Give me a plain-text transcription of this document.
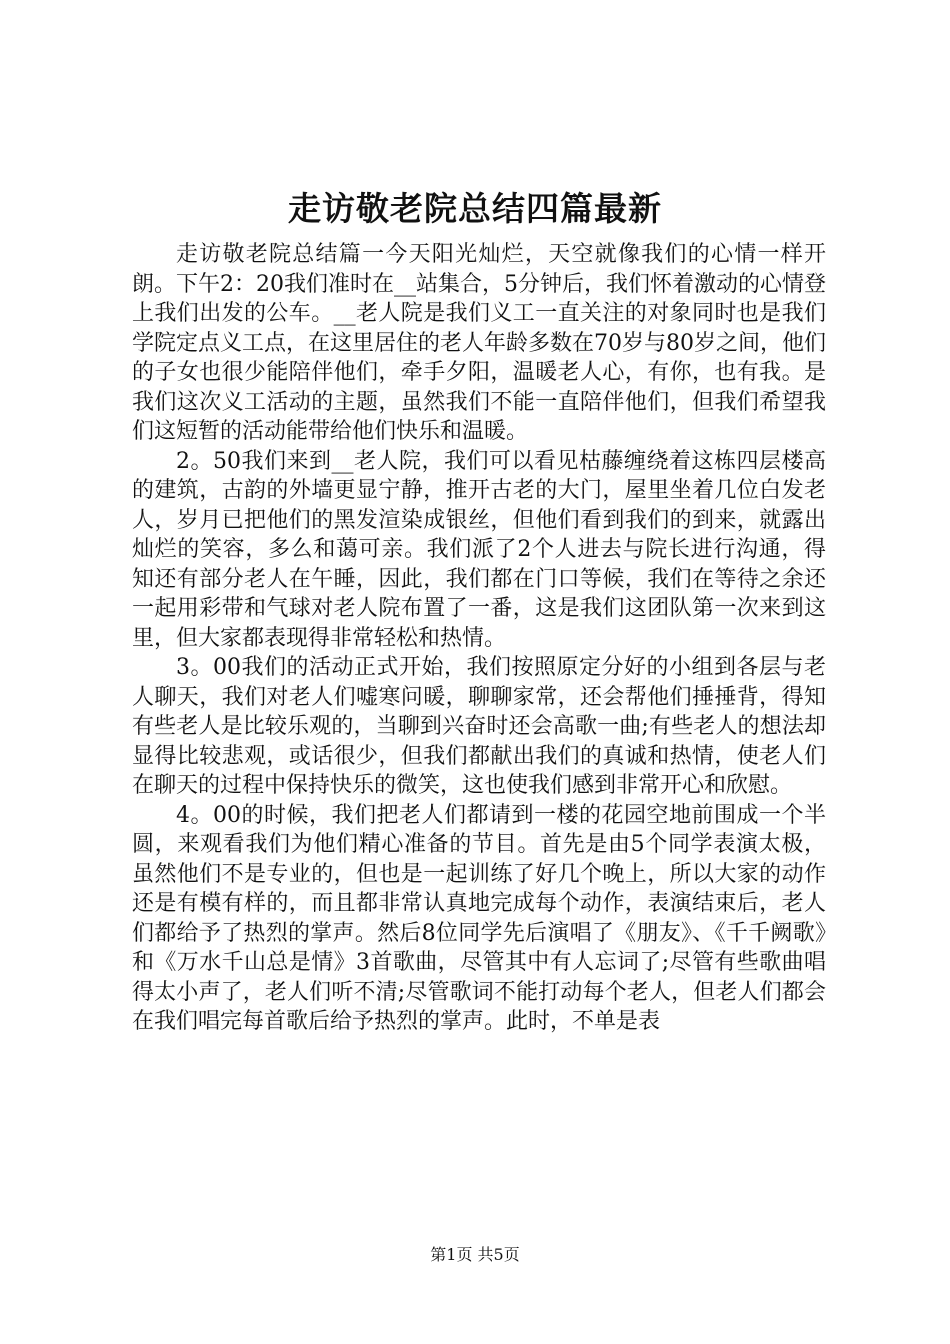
走访敬老院总结四篇最新

走访敬老院总结篇一今天阳光灿烂，天空就像我们的心情一样开朗。下午2：20我们准时在__站集合，5分钟后，我们怀着激动的心情登上我们出发的公车。__老人院是我们义工一直关注的对象同时也是我们学院定点义工点，在这里居住的老人年龄多数在70岁与80岁之间，他们的子女也很少能陪伴他们，牵手夕阳，温暖老人心，有你，也有我。是我们这次义工活动的主题，虽然我们不能一直陪伴他们，但我们希望我们这短暂的活动能带给他们快乐和温暖。

2。50我们来到__老人院，我们可以看见枯藤缠绕着这栋四层楼高的建筑，古韵的外墙更显宁静，推开古老的大门，屋里坐着几位白发老人，岁月已把他们的黑发渲染成银丝，但他们看到我们的到来，就露出灿烂的笑容，多么和蔼可亲。我们派了2个人进去与院长进行沟通，得知还有部分老人在午睡，因此，我们都在门口等候，我们在等待之余还一起用彩带和气球对老人院布置了一番，这是我们这团队第一次来到这里，但大家都表现得非常轻松和热情。

3。00我们的活动正式开始，我们按照原定分好的小组到各层与老人聊天，我们对老人们嘘寒问暖，聊聊家常，还会帮他们捶捶背，得知有些老人是比较乐观的，当聊到兴奋时还会高歌一曲;有些老人的想法却显得比较悲观，或话很少，但我们都献出我们的真诚和热情，使老人们在聊天的过程中保持快乐的微笑，这也使我们感到非常开心和欣慰。

4。00的时候，我们把老人们都请到一楼的花园空地前围成一个半圆，来观看我们为他们精心准备的节目。首先是由5个同学表演太极，虽然他们不是专业的，但也是一起训练了好几个晚上，所以大家的动作还是有模有样的，而且都非常认真地完成每个动作，表演结束后，老人们都给予了热烈的掌声。然后8位同学先后演唱了《朋友》、《千千阙歌》和《万水千山总是情》3首歌曲，尽管其中有人忘词了;尽管有些歌曲唱得太小声了，老人们听不清;尽管歌词不能打动每个老人，但老人们都会在我们唱完每首歌后给予热烈的掌声。此时，不单是表

第1页 共5页
